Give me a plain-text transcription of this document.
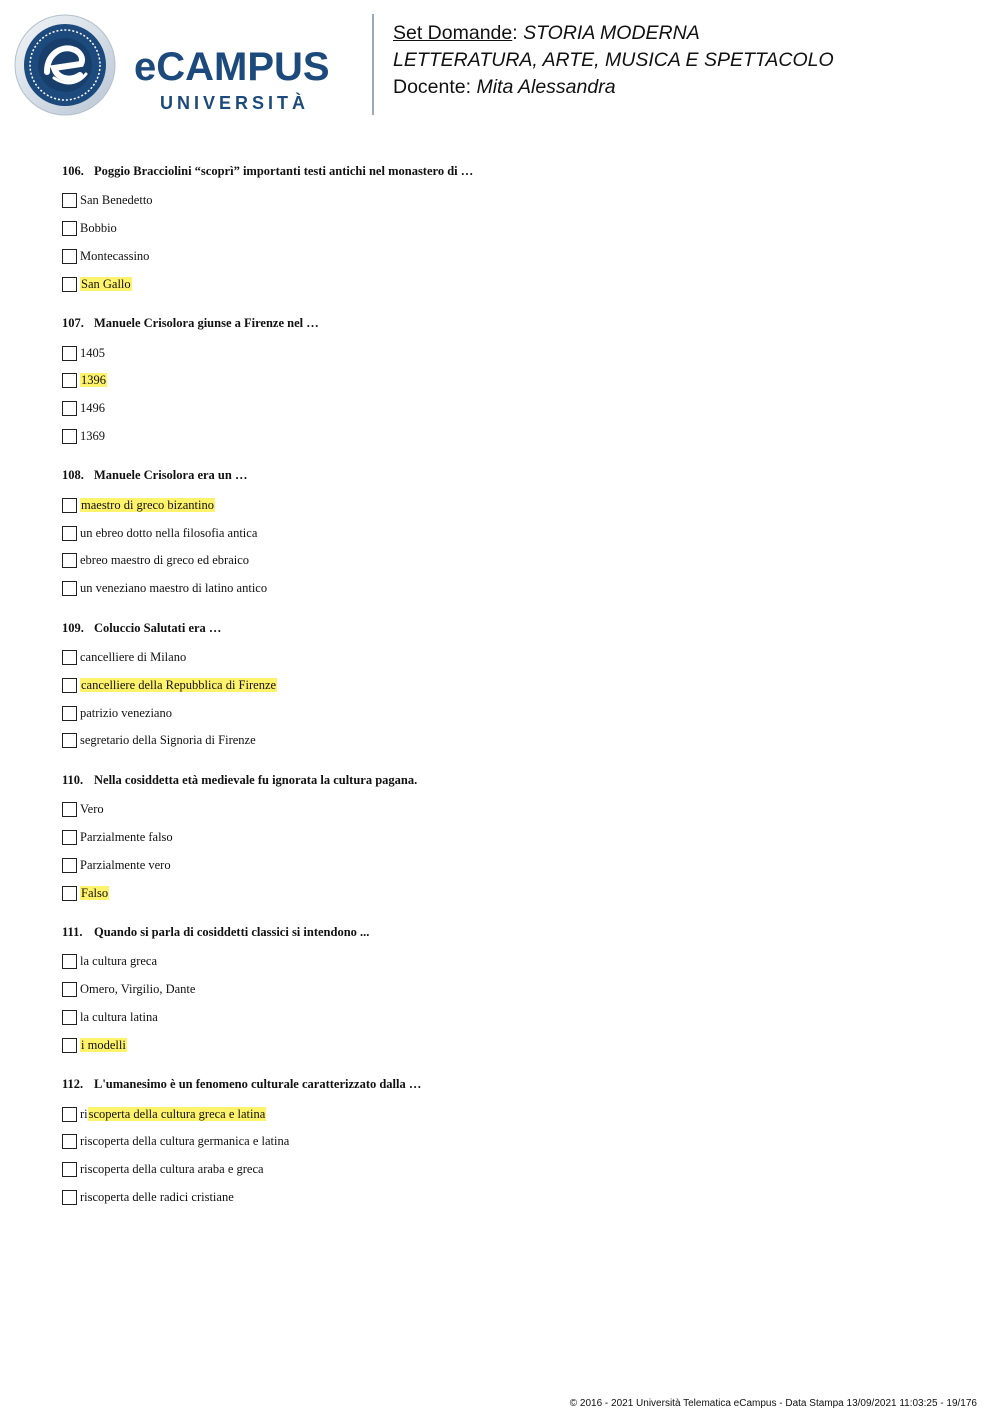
eCAMPUS
UNIVERSITÀ
Set Domande: STORIA MODERNA
LETTERATURA, ARTE, MUSICA E SPETTACOLO
Docente: Mita Alessandra
106. Poggio Bracciolini “scoprì” importanti testi antichi nel monastero di …
San Benedetto
Bobbio
Montecassino
San Gallo
107. Manuele Crisolora giunse a Firenze nel …
1405
1396
1496
1369
108. Manuele Crisolora era un …
maestro di greco bizantino
un ebreo dotto nella filosofia antica
ebreo maestro di greco ed ebraico
un veneziano maestro di latino antico
109. Coluccio Salutati era …
cancelliere di Milano
cancelliere della Repubblica di Firenze
patrizio veneziano
segretario della Signoria di Firenze
110. Nella cosiddetta età medievale fu ignorata la cultura pagana.
Vero
Parzialmente falso
Parzialmente vero
Falso
111. Quando si parla di cosiddetti classici si intendono ...
la cultura greca
Omero, Virgilio, Dante
la cultura latina
i modelli
112. L'umanesimo è un fenomeno culturale caratterizzato dalla …
riscoperta della cultura greca e latina
riscoperta della cultura germanica e latina
riscoperta della cultura araba e greca
riscoperta delle radici cristiane
© 2016 - 2021 Università Telematica eCampus - Data Stampa 13/09/2021 11:03:25 - 19/176
